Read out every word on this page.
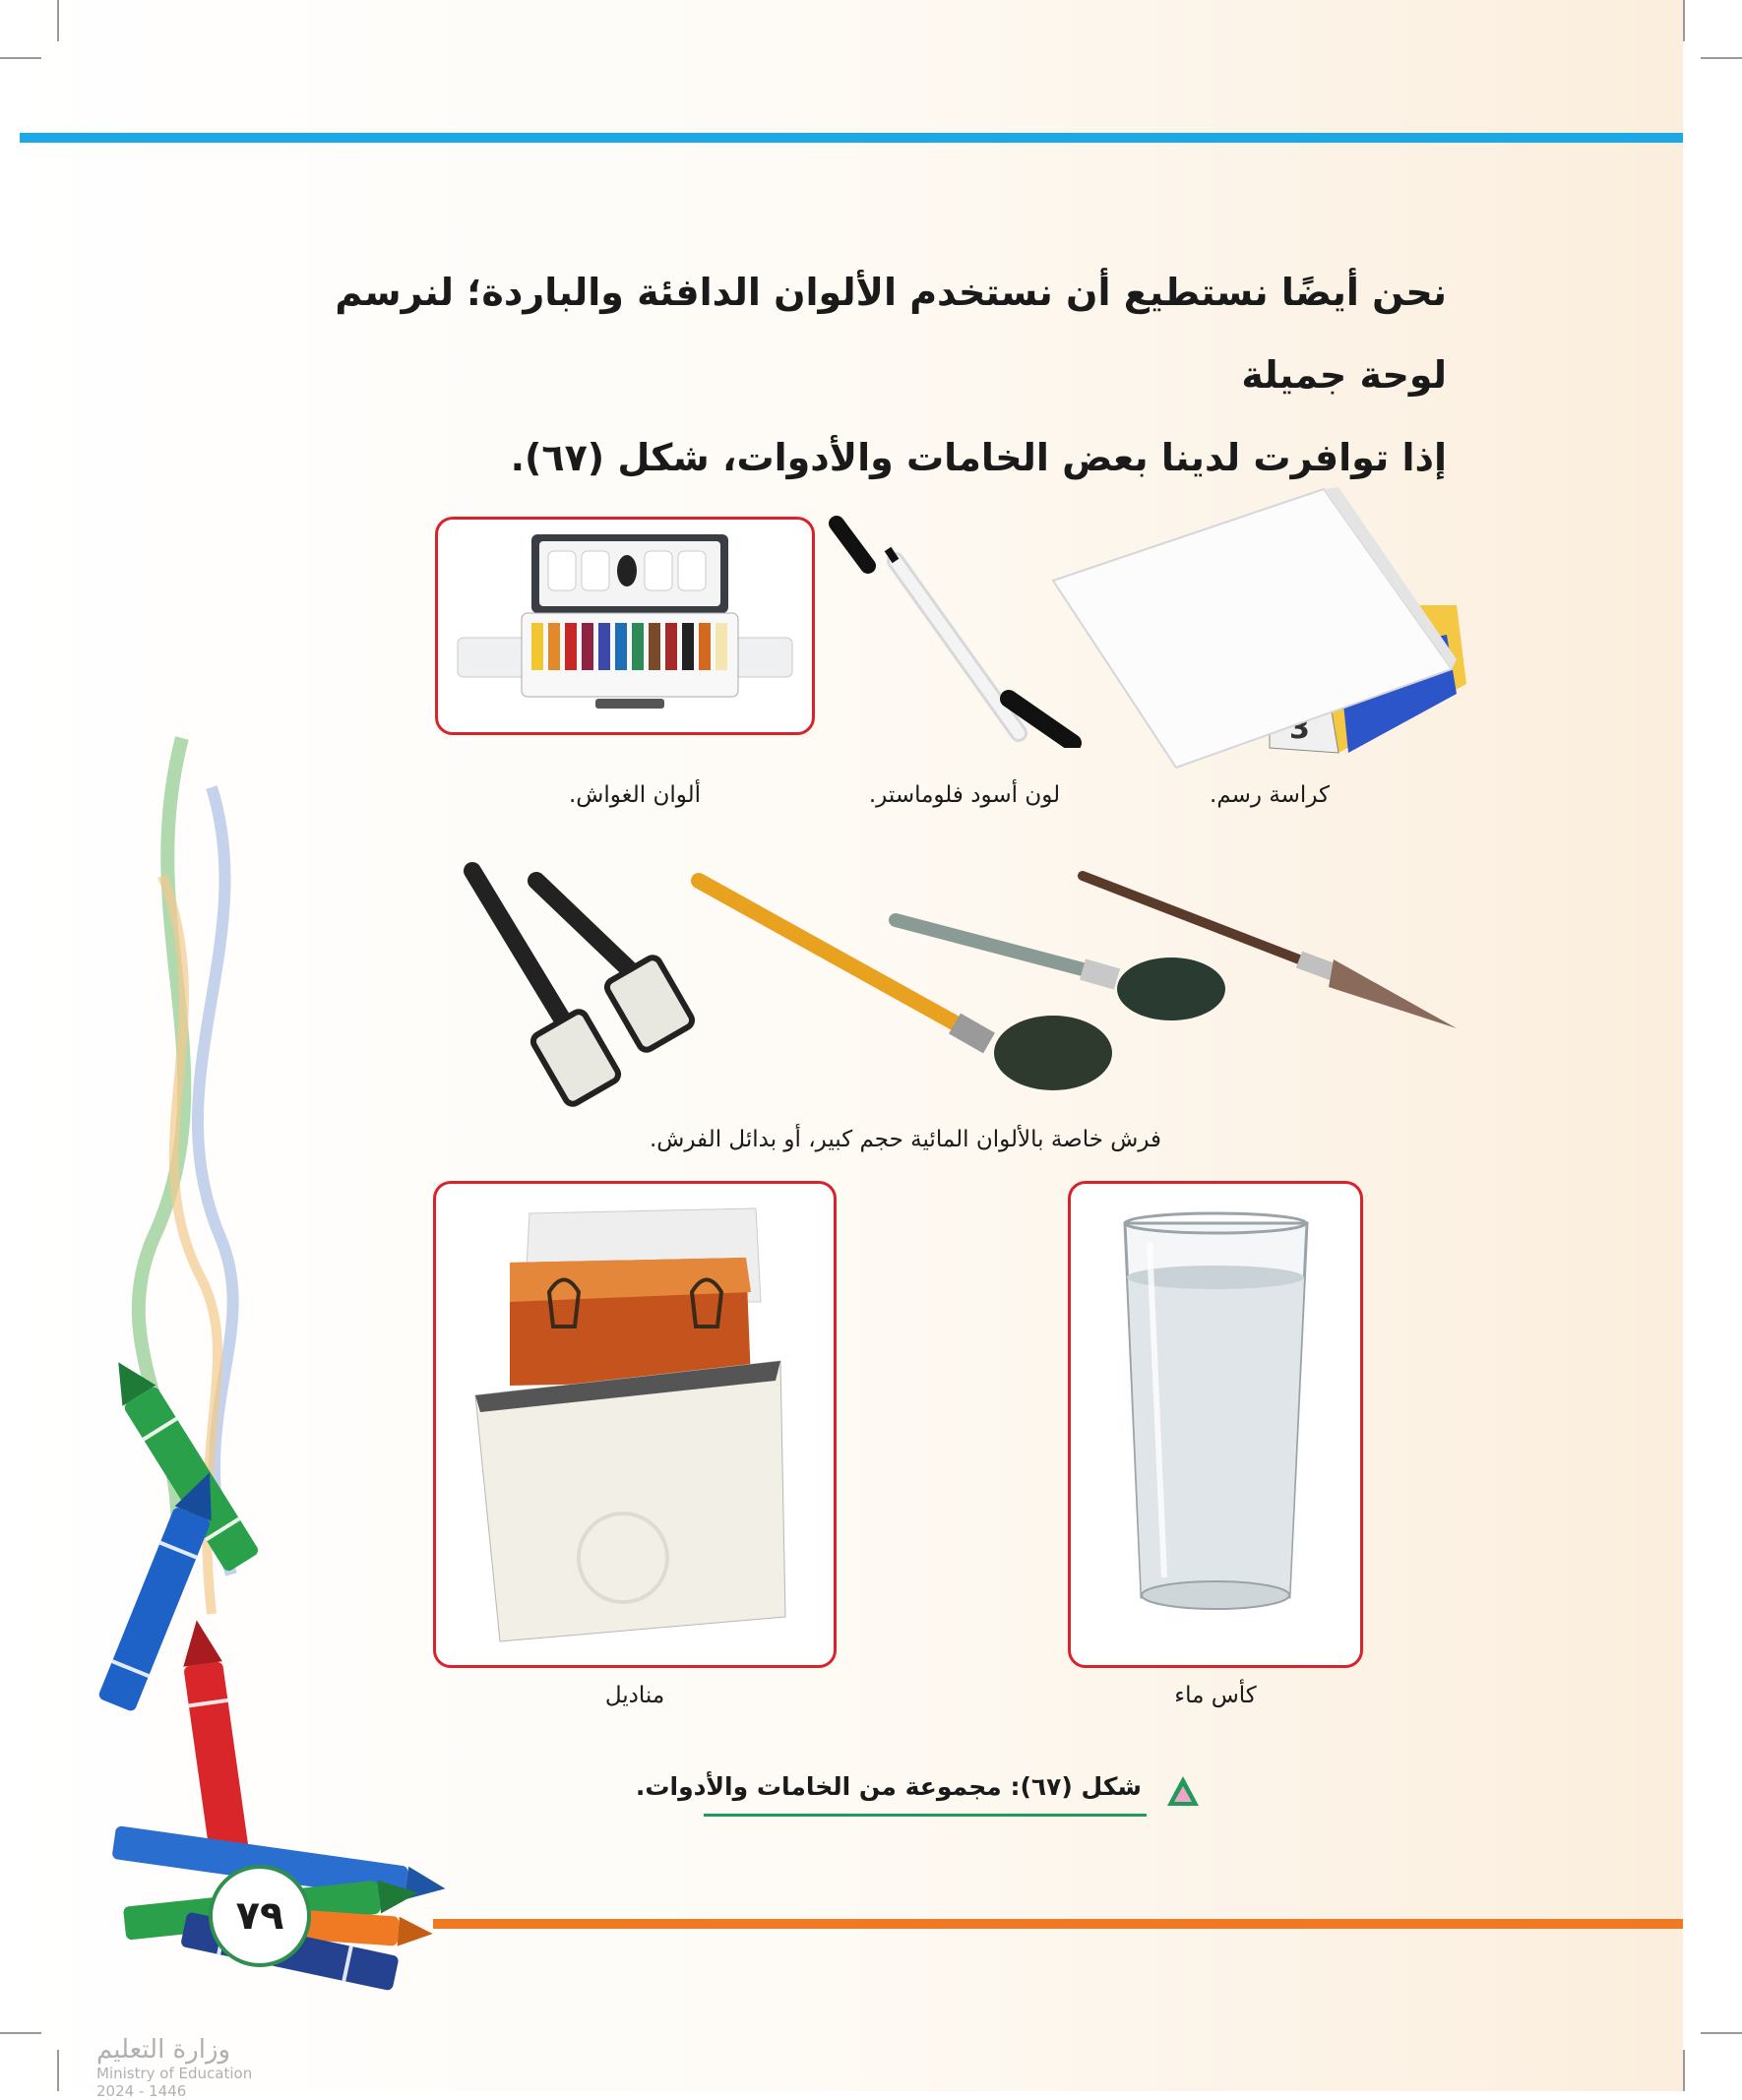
نحن أيضًا نستطيع أن نستخدم الألوان الدافئة والباردة؛ لنرسم لوحة جميلة
إذا توافرت لدينا بعض الخامات والأدوات، شكل (٦٧).

ألوان الغواش.	لون أسود فلوماستر.
3
كراسة رسم.
فرش خاصة بالألوان المائية حجم كبير، أو بدائل الفرش.
مناديل	كأس ماء
شكل (٦٧): مجموعة من الخامات والأدوات.
٧٩
وزارة التعليم
Ministry of Education
2024 - 1446
